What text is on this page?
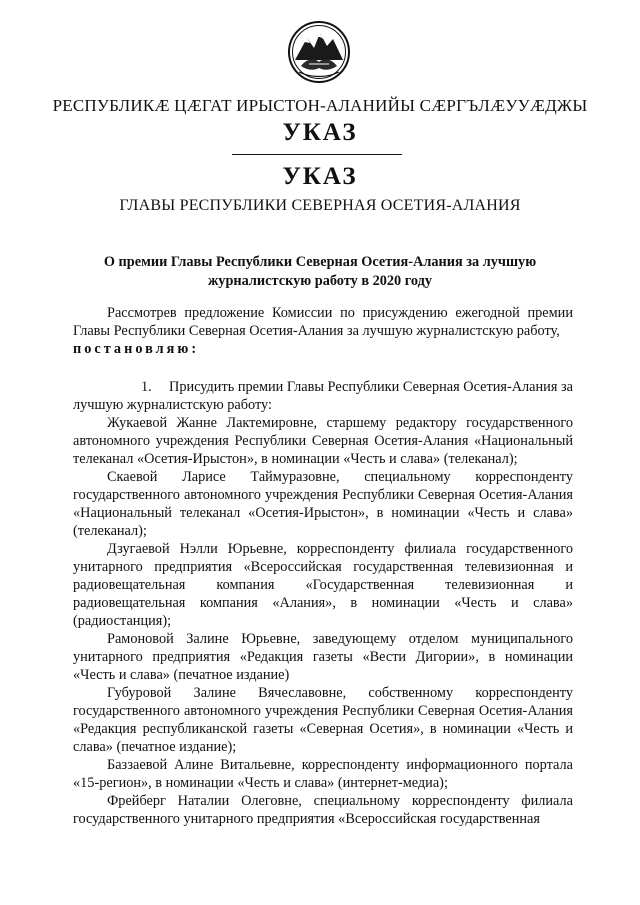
РЕСПУБЛИКӔ ЦӔГАТ ИРЫСТОН-АЛАНИЙЫ СӔРГЪЛӔУУӔДЖЫ
УКАЗ
УКАЗ
ГЛАВЫ РЕСПУБЛИКИ СЕВЕРНАЯ ОСЕТИЯ-АЛАНИЯ
О премии Главы Республики Северная Осетия-Алания за лучшую журналистскую работу в 2020 году

Рассмотрев предложение Комиссии по присуждению ежегодной премии Главы Республики Северная Осетия-Алания за лучшую журналистскую работу,

постановляю:

1. Присудить премии Главы Республики Северная Осетия-Алания за лучшую журналистскую работу:

Жукаевой Жанне Лактемировне, старшему редактору государственного автономного учреждения Республики Северная Осетия-Алания «Национальный телеканал «Осетия-Ирыстон», в номинации «Честь и слава» (телеканал);

Скаевой Ларисе Таймуразовне, специальному корреспонденту государственного автономного учреждения Республики Северная Осетия-Алания «Национальный телеканал «Осетия-Ирыстон», в номинации «Честь и слава» (телеканал);

Дзугаевой Нэлли Юрьевне, корреспонденту филиала государственного унитарного предприятия «Всероссийская государственная телевизионная и радиовещательная компания «Государственная телевизионная и радиовещательная компания «Алания», в номинации «Честь и слава» (радиостанция);

Рамоновой Залине Юрьевне, заведующему отделом муниципального унитарного предприятия «Редакция газеты «Вести Дигории», в номинации «Честь и слава» (печатное издание)

Губуровой Залине Вячеславовне, собственному корреспонденту государственного автономного учреждения Республики Северная Осетия-Алания «Редакция республиканской газеты «Северная Осетия», в номинации «Честь и слава» (печатное издание);

Баззаевой Алине Витальевне, корреспонденту информационного портала «15-регион», в номинации «Честь и слава» (интернет-медиа);

Фрейберг Наталии Олеговне, специальному корреспонденту филиала государственного унитарного предприятия «Всероссийская государственная
